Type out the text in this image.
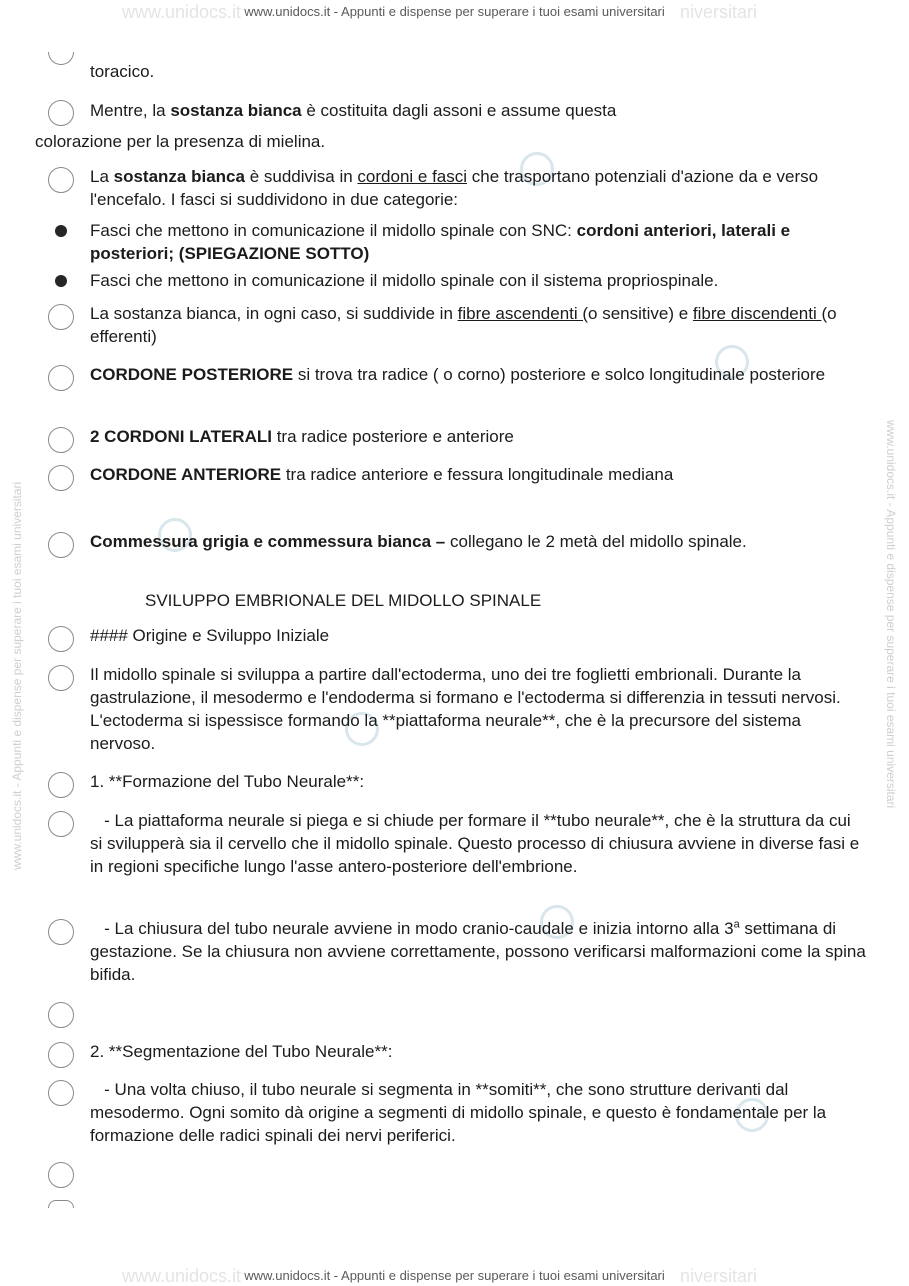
www.unidocs.it www.unidocs.it - Appunti e dispense per superare i tuoi esami universitari niversitari
www.unidocs.it www.unidocs.it - Appunti e dispense per superare i tuoi esami universitari niversitari
www.unidocs.it - Appunti e dispense per superare i tuoi esami universitari	www.unidocs.it - Appunti e dispense per superare i tuoi esami universitari
toracico.
Mentre, la sostanza bianca è costituita dagli assoni e assume questa
colorazione per la presenza di mielina.
La sostanza bianca è suddivisa in cordoni e fasci che trasportano potenziali d'azione da e verso l'encefalo. I fasci si suddividono in due categorie:
Fasci che mettono in comunicazione il midollo spinale con SNC: cordoni anteriori, laterali e posteriori; (SPIEGAZIONE SOTTO)
Fasci che mettono in comunicazione il midollo spinale con il sistema propriospinale.
La sostanza bianca, in ogni caso, si suddivide in fibre ascendenti (o sensitive) e fibre discendenti (o efferenti)
CORDONE POSTERIORE si trova tra radice ( o corno) posteriore e solco longitudinale posteriore
2 CORDONI LATERALI tra radice posteriore e anteriore
CORDONE ANTERIORE tra radice anteriore e fessura longitudinale mediana
Commessura grigia e commessura bianca – collegano le 2 metà del midollo spinale.
SVILUPPO EMBRIONALE DEL MIDOLLO SPINALE
#### Origine e Sviluppo Iniziale
Il midollo spinale si sviluppa a partire dall'ectoderma, uno dei tre foglietti embrionali. Durante la gastrulazione, il mesodermo e l'endoderma si formano e l'ectoderma si differenzia in tessuti nervosi. L'ectoderma si ispessisce formando la **piattaforma neurale**, che è la precursore del sistema nervoso.
1. **Formazione del Tubo Neurale**:
- La piattaforma neurale si piega e si chiude per formare il **tubo neurale**, che è la struttura da cui si svilupperà sia il cervello che il midollo spinale. Questo processo di chiusura avviene in diverse fasi e in regioni specifiche lungo l'asse antero-posteriore dell'embrione.
- La chiusura del tubo neurale avviene in modo cranio-caudale e inizia intorno alla 3$^a$ settimana di gestazione. Se la chiusura non avviene correttamente, possono verificarsi malformazioni come la spina bifida.
2. **Segmentazione del Tubo Neurale**:
- Una volta chiuso, il tubo neurale si segmenta in **somiti**, che sono strutture derivanti dal mesodermo. Ogni somito dà origine a segmenti di midollo spinale, e questo è fondamentale per la formazione delle radici spinali dei nervi periferici.
